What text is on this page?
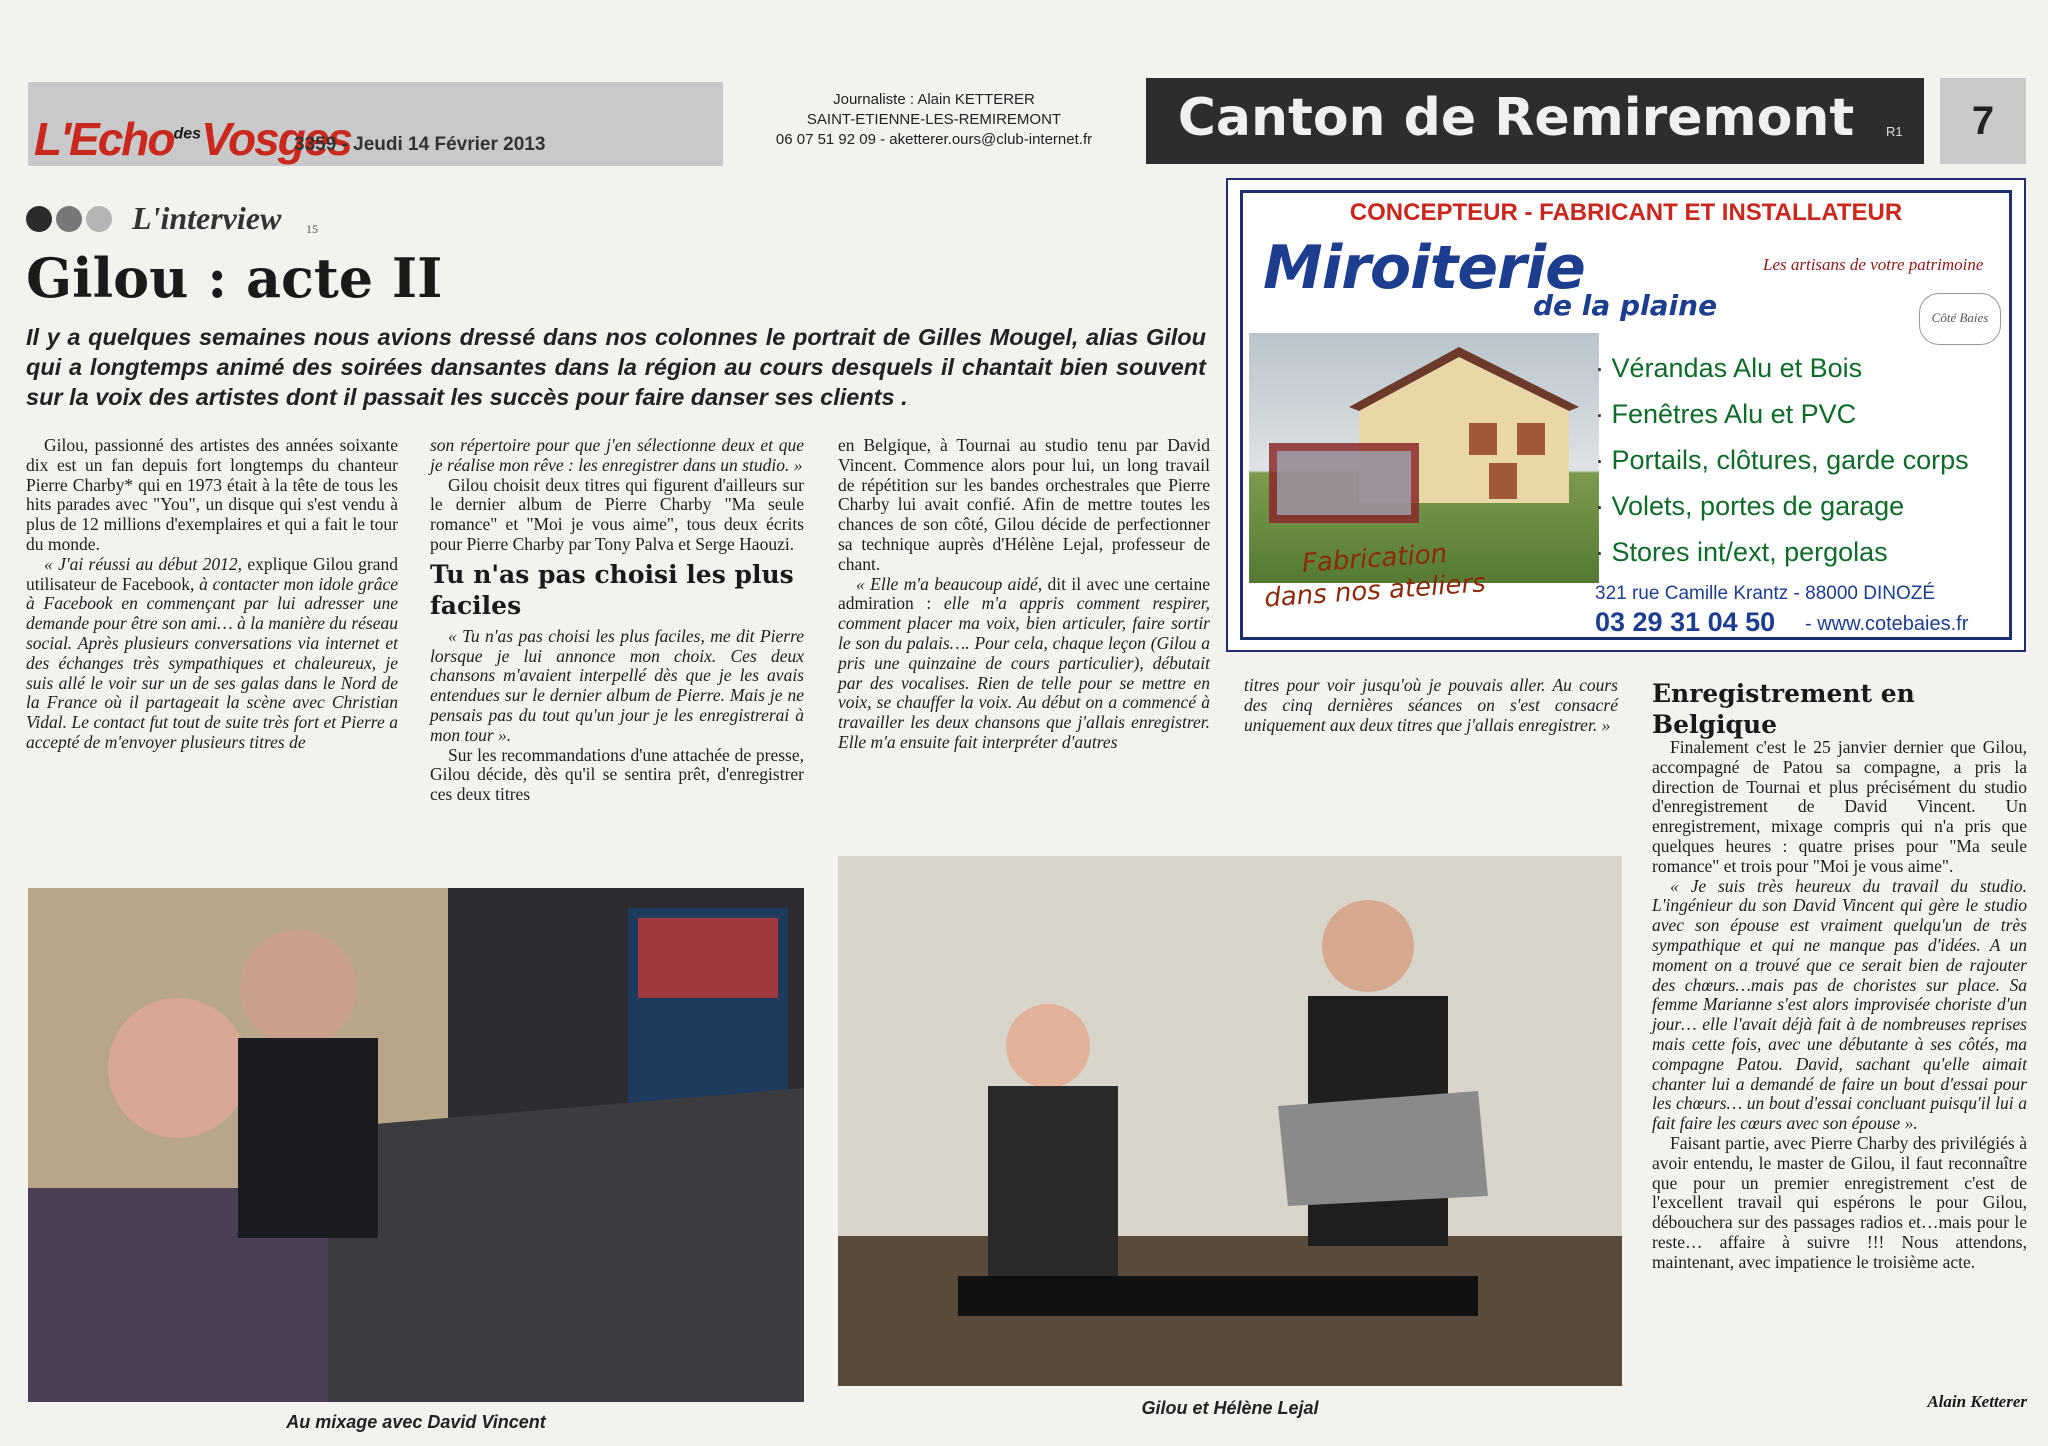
L'Echo$^{des}$Vosges
3359 - Jeudi 14 Février 2013
Journaliste : Alain KETTERER
SAINT-ETIENNE-LES-REMIREMONT
06 07 51 92 09 - aketterer.ours@club-internet.fr	Canton de Remiremont	R1	7
L'interview 15
Gilou : acte II
Il y a quelques semaines nous avions dressé dans nos colonnes le portrait de Gilles Mougel, alias Gilou qui a longtemps animé des soirées dansantes dans la région au cours desquels il chantait bien souvent sur la voix des artistes dont il passait les succès pour faire danser ses clients .

Gilou, passionné des artistes des années soixante dix est un fan depuis fort longtemps du chanteur Pierre Charby* qui en 1973 était à la tête de tous les hits parades avec "You", un disque qui s'est vendu à plus de 12 millions d'exemplaires et qui a fait le tour du monde.

« J'ai réussi au début 2012, explique Gilou grand utilisateur de Facebook, à contacter mon idole grâce à Facebook en commençant par lui adresser une demande pour être son ami… à la manière du réseau social. Après plusieurs conversations via internet et des échanges très sympathiques et chaleureux, je suis allé le voir sur un de ses galas dans le Nord de la France où il partageait la scène avec Christian Vidal. Le contact fut tout de suite très fort et Pierre a accepté de m'envoyer plusieurs titres de

son répertoire pour que j'en sélectionne deux et que je réalise mon rêve : les enregistrer dans un studio. »

Gilou choisit deux titres qui figurent d'ailleurs sur le dernier album de Pierre Charby "Ma seule romance" et "Moi je vous aime", tous deux écrits pour Pierre Charby par Tony Palva et Serge Haouzi.

Tu n'as pas choisi les plus faciles

« Tu n'as pas choisi les plus faciles, me dit Pierre lorsque je lui annonce mon choix. Ces deux chansons m'avaient interpellé dès que je les avais entendues sur le dernier album de Pierre. Mais je ne pensais pas du tout qu'un jour je les enregistrerai à mon tour ».

Sur les recommandations d'une attachée de presse, Gilou décide, dès qu'il se sentira prêt, d'enregistrer ces deux titres

en Belgique, à Tournai au studio tenu par David Vincent. Commence alors pour lui, un long travail de répétition sur les bandes orchestrales que Pierre Charby lui avait confié. Afin de mettre toutes les chances de son côté, Gilou décide de perfectionner sa technique auprès d'Hélène Lejal, professeur de chant.

« Elle m'a beaucoup aidé, dit il avec une certaine admiration : elle m'a appris comment respirer, comment placer ma voix, bien articuler, faire sortir le son du palais…. Pour cela, chaque leçon (Gilou a pris une quinzaine de cours particulier), débutait par des vocalises. Rien de telle pour se mettre en voix, se chauffer la voix. Au début on a commencé à travailler les deux chansons que j'allais enregistrer. Elle m'a ensuite fait interpréter d'autres

titres pour voir jusqu'où je pouvais aller. Au cours des cinq dernières séances on s'est consacré uniquement aux deux titres que j'allais enregistrer. »

Enregistrement en Belgique

Finalement c'est le 25 janvier dernier que Gilou, accompagné de Patou sa compagne, a pris la direction de Tournai et plus précisément du studio d'enregistrement de David Vincent. Un enregistrement, mixage compris qui n'a pris que quelques heures : quatre prises pour "Ma seule romance" et trois pour "Moi je vous aime".

« Je suis très heureux du travail du studio. L'ingénieur du son David Vincent qui gère le studio avec son épouse est vraiment quelqu'un de très sympathique et qui ne manque pas d'idées. A un moment on a trouvé que ce serait bien de rajouter des chœurs…mais pas de choristes sur place. Sa femme Marianne s'est alors improvisée choriste d'un jour… elle l'avait déjà fait à de nombreuses reprises mais cette fois, avec une débutante à ses côtés, ma compagne Patou. David, sachant qu'elle aimait chanter lui a demandé de faire un bout d'essai pour les chœurs… un bout d'essai concluant puisqu'il lui a fait faire les cœurs avec son épouse ».

Faisant partie, avec Pierre Charby des privilégiés à avoir entendu, le master de Gilou, il faut reconnaître que pour un premier enregistrement c'est de l'excellent travail qui espérons le pour Gilou, débouchera sur des passages radios et…mais pour le reste… affaire à suivre !!! Nous attendons, maintenant, avec impatience le troisième acte.

Alain Ketterer
CONCEPTEUR - FABRICANT ET INSTALLATEUR
Miroiterie
de la plaine
Les artisans de votre patrimoine
Côté Baies
· Vérandas Alu et Bois
· Fenêtres Alu et PVC
· Portails, clôtures, garde corps
· Volets, portes de garage
· Stores int/ext, pergolas
Fabrication
dans nos ateliers	321 rue Camille Krantz - 88000 DINOZÉ
03 29 31 04 50 - www.cotebaies.fr
Au mixage avec David Vincent
Gilou et Hélène Lejal
